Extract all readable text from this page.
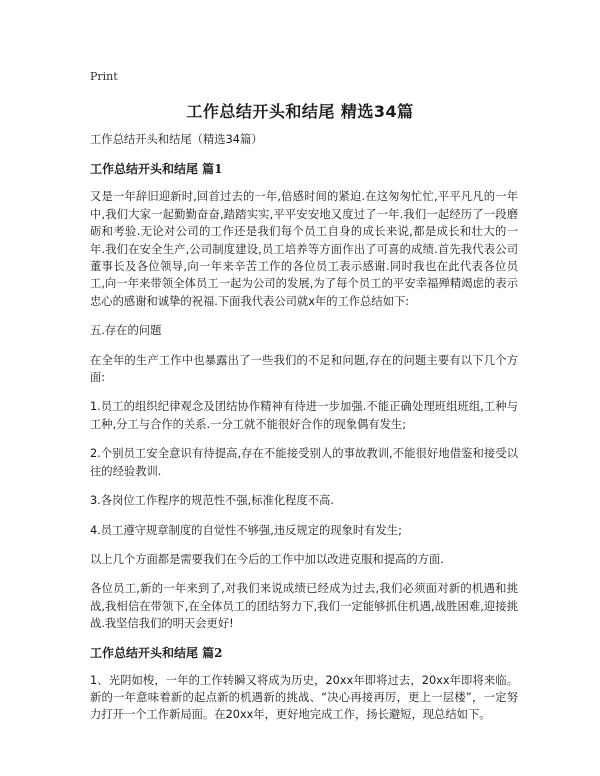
Print
工作总结开头和结尾 精选34篇

工作总结开头和结尾（精选34篇）

工作总结开头和结尾 篇1

又是一年辞旧迎新时,回首过去的一年,倍感时间的紧迫.在这匆匆忙忙,平平凡凡的一年中,我们大家一起勤勤奋奋,踏踏实实,平平安安地又度过了一年.我们一起经历了一段磨砺和考验.无论对公司的工作还是我们每个员工自身的成长来说,都是成长和壮大的一年.我们在安全生产,公司制度建设,员工培养等方面作出了可喜的成绩.首先我代表公司董事长及各位领导,向一年来辛苦工作的各位员工表示感谢.同时我也在此代表各位员工,向一年来带领全体员工一起为公司的发展,为了每个员工的平安幸福殚精竭虑的表示忠心的感谢和诚挚的祝福.下面我代表公司就x年的工作总结如下:

五.存在的问题

在全年的生产工作中也暴露出了一些我们的不足和问题,存在的问题主要有以下几个方面:

1.员工的组织纪律观念及团结协作精神有待进一步加强.不能正确处理班组班组,工种与工种,分工与合作的关系.一分工就不能很好合作的现象偶有发生;

2.个别员工安全意识有待提高,存在不能接受别人的事故教训,不能很好地借鉴和接受以往的经验教训.

3.各岗位工作程序的规范性不强,标准化程度不高.

4.员工遵守规章制度的自觉性不够强,违反规定的现象时有发生;

以上几个方面都是需要我们在今后的工作中加以改进克服和提高的方面.

各位员工,新的一年来到了,对我们来说成绩已经成为过去,我们必须面对新的机遇和挑战,我相信在带领下,在全体员工的团结努力下,我们一定能够抓住机遇,战胜困难,迎接挑战.我坚信我们的明天会更好!

工作总结开头和结尾 篇2

1、光阴如梭，一年的工作转瞬又将成为历史，20xx年即将过去，20xx年即将来临。新的一年意味着新的起点新的机遇新的挑战、“决心再接再厉，更上一层楼”，一定努力打开一个工作新局面。在20xx年，更好地完成工作，扬长避短，现总结如下。
